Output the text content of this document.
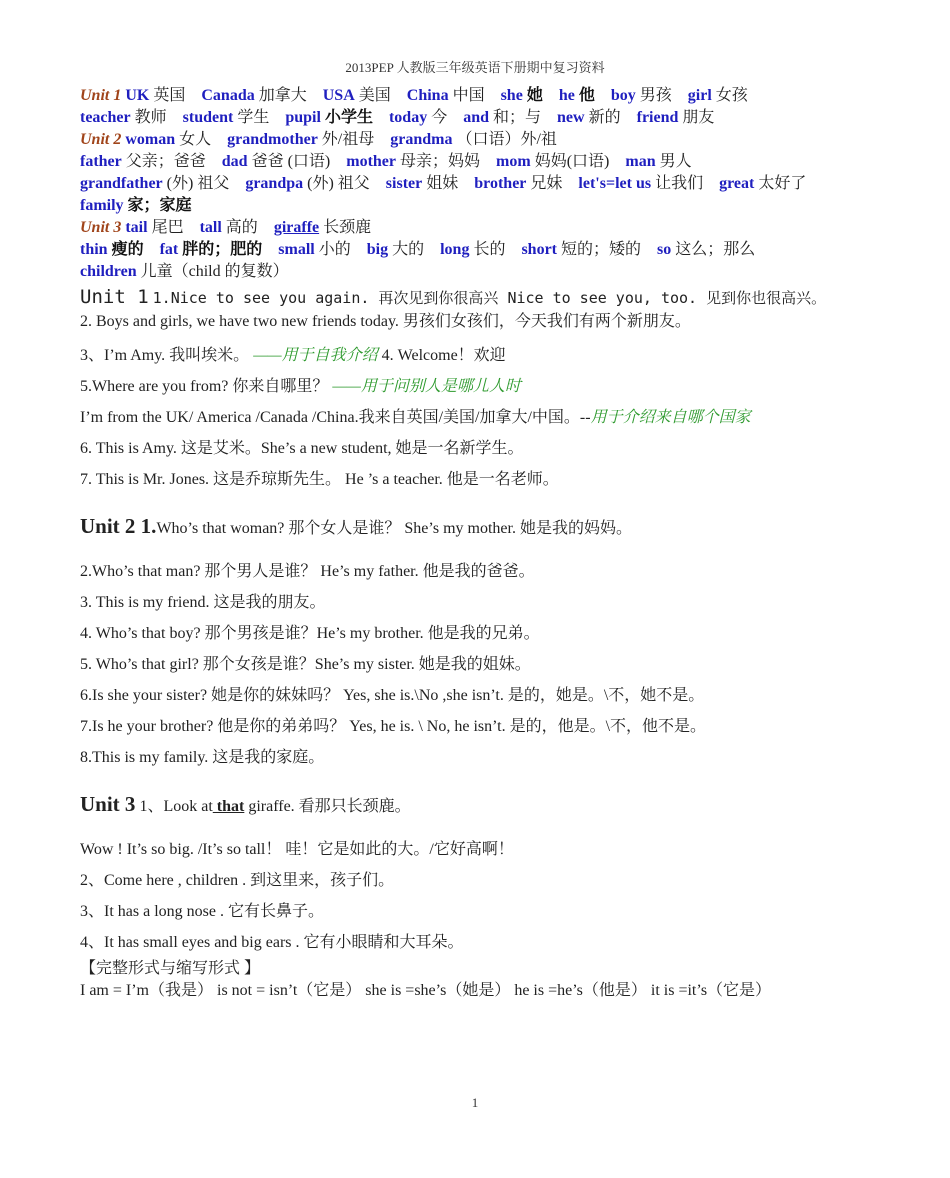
2013PEP 人教版三年级英语下册期中复习资料
Unit 1 UK 英国 Canada 加拿大 USA 美国 China 中国 she 她 he 他 boy 男孩 girl 女孩
teacher 教师 student 学生 pupil 小学生 today 今 and 和；与 new 新的 friend 朋友
Unit 2 woman 女人 grandmother 外/祖母 grandma （口语）外/祖
father 父亲；爸爸 dad 爸爸 (口语) mother 母亲；妈妈 mom 妈妈(口语) man 男人
grandfather (外) 祖父 grandpa (外) 祖父 sister 姐妹 brother 兄妹 let's=let us 让我们 great 太好了
family 家；家庭
Unit 3 tail 尾巴 tall 高的 giraffe 长颈鹿
thin 瘦的 fat 胖的；肥的 small 小的 big 大的 long 长的 short 短的；矮的 so 这么；那么
children 儿童（child 的复数）
Unit 1 1.Nice to see you again. 再次见到你很高兴 Nice to see you, too. 见到你也很高兴。
2. Boys and girls, we have two new friends today. 男孩们女孩们，今天我们有两个新朋友。
3、I’m Amy. 我叫埃米。 ——用于自我介绍 4. Welcome！欢迎
5.Where are you from? 你来自哪里？ ——用于问别人是哪儿人时
I’m from the UK/ America /Canada /China.我来自英国/美国/加拿大/中国。--用于介绍来自哪个国家
6. This is Amy. 这是艾米。She’s a new student, 她是一名新学生。
7. This is Mr. Jones. 这是乔琼斯先生。 He ’s a teacher. 他是一名老师。
Unit 2 1.Who’s that woman? 那个女人是谁？ She’s my mother. 她是我的妈妈。
2.Who’s that man? 那个男人是谁？ He’s my father. 他是我的爸爸。
3. This is my friend. 这是我的朋友。
4. Who’s that boy? 那个男孩是谁？He’s my brother. 他是我的兄弟。
5. Who’s that girl? 那个女孩是谁？She’s my sister. 她是我的姐妹。
6.Is she your sister? 她是你的妹妹吗？ Yes, she is.\No ,she isn’t. 是的，她是。\不，她不是。
7.Is he your brother? 他是你的弟弟吗？ Yes, he is. \ No, he isn’t. 是的，他是。\不，他不是。
8.This is my family. 这是我的家庭。
Unit 3 1、Look at that giraffe. 看那只长颈鹿。
Wow ! It’s so big. /It’s so tall！ 哇！它是如此的大。/它好高啊！
2、Come here , children . 到这里来，孩子们。
3、It has a long nose . 它有长鼻子。
4、It has small eyes and big ears . 它有小眼睛和大耳朵。
【完整形式与缩写形式 】
I am = I’m（我是） is not = isn’t（它是） she is =she’s（她是） he is =he’s（他是） it is =it’s（它是）
1
